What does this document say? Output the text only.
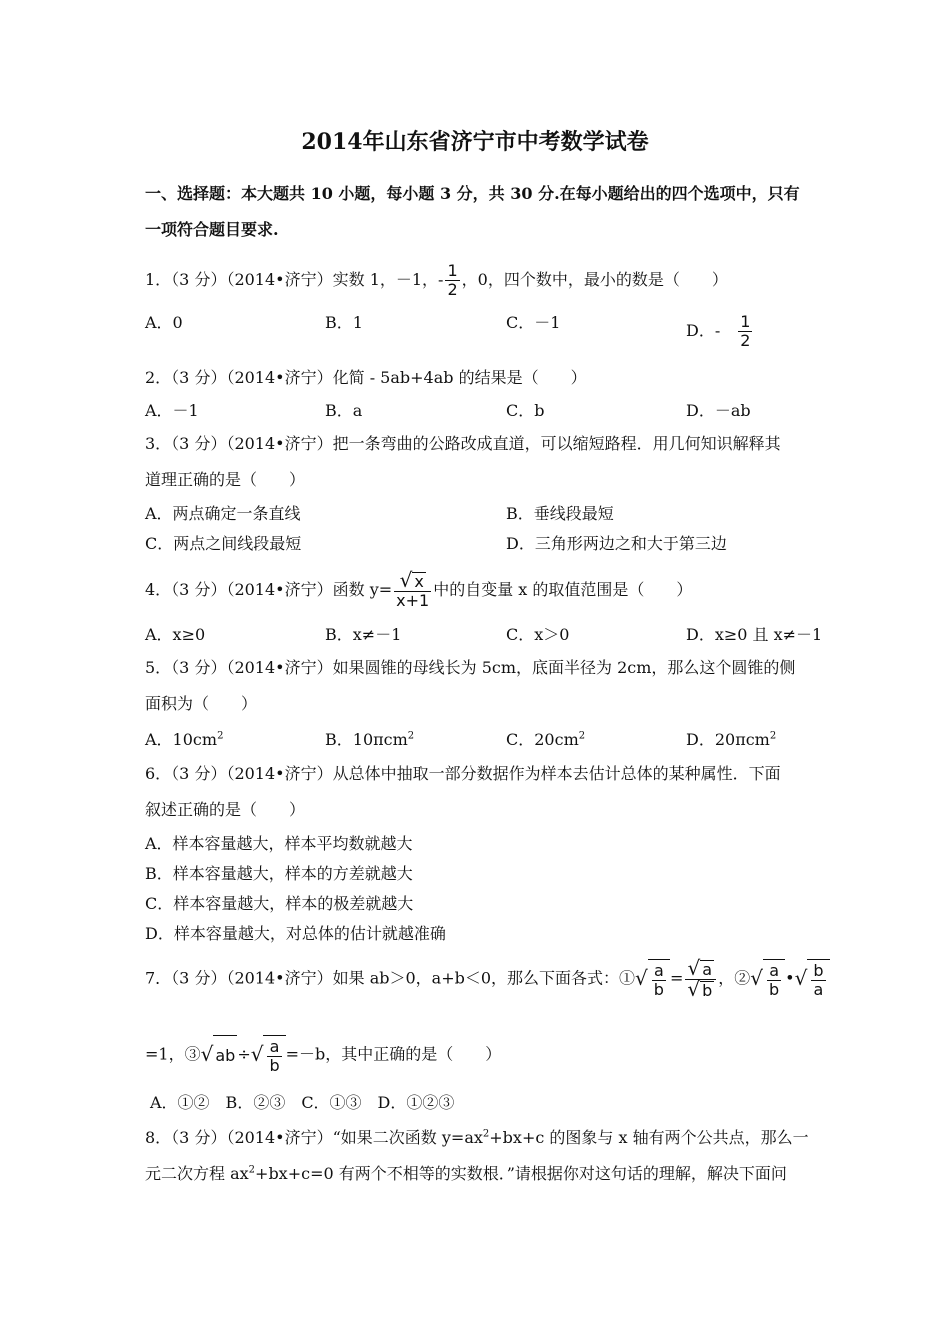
2014年山东省济宁市中考数学试卷
一、选择题：本大题共 10 小题，每小题 3 分，共 30 分.在每小题给出的四个选项中，只有
一项符合题目要求.
1．（3 分）（2014•济宁）实数 1，－1，- $\frac{1}{2}$ ，0，四个数中，最小的数是（　　）
A．0	B．1	C．－1	D．-　 $\frac{1}{2}$
2．（3 分）（2014•济宁）化简 - 5ab+4ab 的结果是（　　）
A．－1	B．a	C．b	D．－ab
3．（3 分）（2014•济宁）把一条弯曲的公路改成直道，可以缩短路程．用几何知识解释其
道理正确的是（　　）
A．两点确定一条直线	B．垂线段最短
C．两点之间线段最短	D．三角形两边之和大于第三边
4．（3 分）（2014•济宁）函数 $y= \frac{√ x}{x+1}$ 中的自变量 x 的取值范围是（　　）
A．x≥0	B．x≠－1	C．x＞0	D．x≥0 且 x≠－1
5．（3 分）（2014•济宁）如果圆锥的母线长为 5cm，底面半径为 2cm，那么这个圆锥的侧
面积为（　　）
A．$10cm^2$	B．10πcm$^2$	C．$20cm^2$	D．20πcm$^2$
6．（3 分）（2014•济宁）从总体中抽取一部分数据作为样本去估计总体的某种属性．下面
叙述正确的是（　　）
A．样本容量越大，样本平均数就越大
B．样本容量越大，样本的方差就越大
C．样本容量越大，样本的极差就越大
D．样本容量越大，对总体的估计就越准确
7．（3 分）（2014•济宁）如果 ab＞0，a+b＜0，那么下面各式：①√ $\frac{a}{b} = \frac{√ a}{√ b}$ ，②√ $\frac{a}{b}$ •√ $\frac{b}{a}$
=1，③√ ab ÷√ $\frac{a}{b} =-b$，其中正确的是（　　）
A．①②　B．②③　C．①③　D．①②③
8．（3 分）（2014•济宁）“如果二次函数 $y=ax^2+bx+c$ 的图象与 x 轴有两个公共点，那么一
元二次方程 $ax^2+bx+c=0$ 有两个不相等的实数根．”请根据你对这句话的理解，解决下面问
